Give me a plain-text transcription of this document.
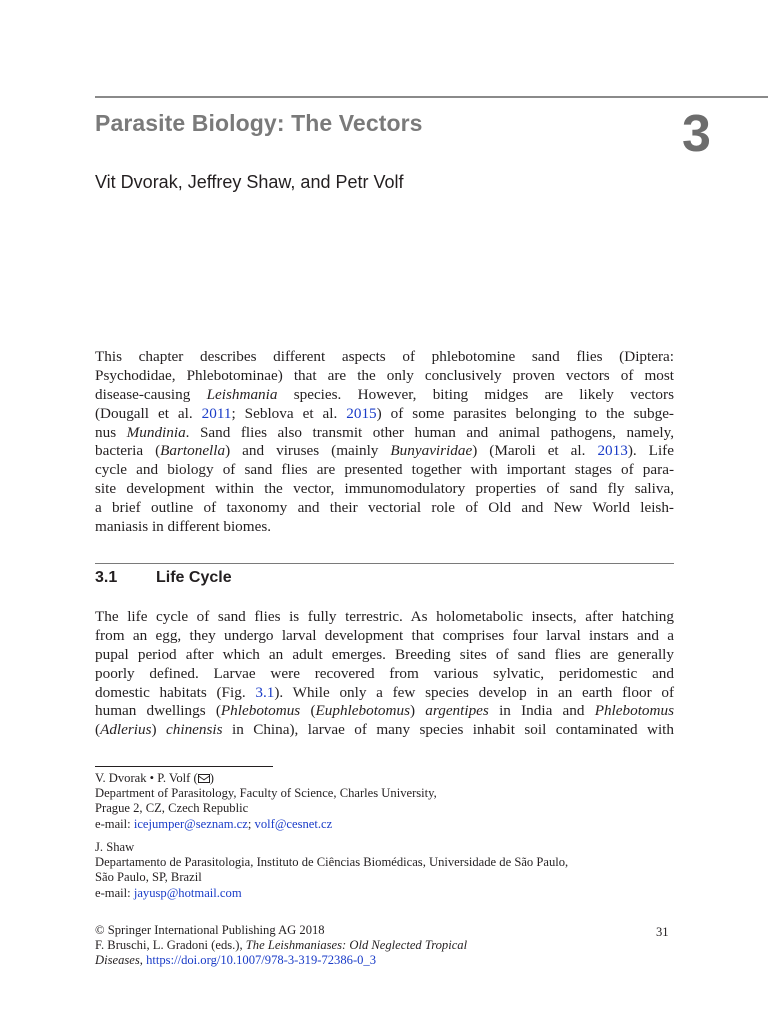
Parasite Biology: The Vectors	3
Vit Dvorak, Jeffrey Shaw, and Petr Volf
This chapter describes different aspects of phlebotomine sand flies (Diptera:
Psychodidae, Phlebotominae) that are the only conclusively proven vectors of most
disease-causing Leishmania species. However, biting midges are likely vectors
(Dougall et al. 2011; Seblova et al. 2015) of some parasites belonging to the subge-
nus Mundinia. Sand flies also transmit other human and animal pathogens, namely,
bacteria (Bartonella) and viruses (mainly Bunyaviridae) (Maroli et al. 2013). Life
cycle and biology of sand flies are presented together with important stages of para-
site development within the vector, immunomodulatory properties of sand fly saliva,
a brief outline of taxonomy and their vectorial role of Old and New World leish-
maniasis in different biomes.
3.1 Life Cycle
The life cycle of sand flies is fully terrestric. As holometabolic insects, after hatching
from an egg, they undergo larval development that comprises four larval instars and a
pupal period after which an adult emerges. Breeding sites of sand flies are generally
poorly defined. Larvae were recovered from various sylvatic, peridomestic and
domestic habitats (Fig. 3.1). While only a few species develop in an earth floor of
human dwellings (Phlebotomus (Euphlebotomus) argentipes in India and Phlebotomus
(Adlerius) chinensis in China), larvae of many species inhabit soil contaminated with
V. Dvorak • P. Volf ( )
Department of Parasitology, Faculty of Science, Charles University,
Prague 2, CZ, Czech Republic
e-mail: icejumper@seznam.cz; volf@cesnet.cz
J. Shaw
Departamento de Parasitologia, Instituto de Ciências Biomédicas, Universidade de São Paulo,
São Paulo, SP, Brazil
e-mail: jayusp@hotmail.com
© Springer International Publishing AG 2018
F. Bruschi, L. Gradoni (eds.), The Leishmaniases: Old Neglected Tropical
Diseases, https://doi.org/10.1007/978-3-319-72386-0_3
31
